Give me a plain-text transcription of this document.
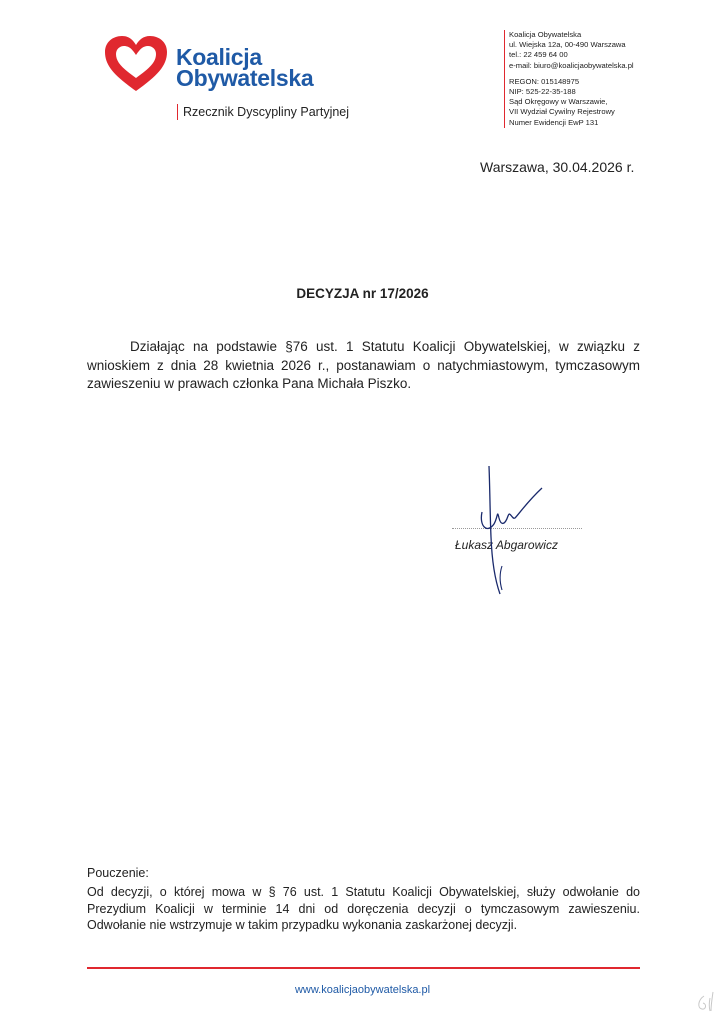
Koalicja
Obywatelska
Rzecznik Dyscypliny Partyjnej
Koalicja Obywatelska
ul. Wiejska 12a, 00-490 Warszawa
tel.: 22 459 64 00
e-mail: biuro@koalicjaobywatelska.pl
REGON: 015148975
NIP: 525-22-35-188
Sąd Okręgowy w Warszawie,
VII Wydział Cywilny Rejestrowy
Numer Ewidencji EwP 131
Warszawa, 30.04.2026 r.
DECYZJA nr 17/2026
Działając na podstawie §76 ust. 1 Statutu Koalicji Obywatelskiej, w związku z wnioskiem z dnia 28 kwietnia 2026 r., postanawiam o natychmiastowym, tymczasowym zawieszeniu w prawach członka Pana Michała Piszko.
Łukasz Abgarowicz
Pouczenie:
Od decyzji, o której mowa w § 76 ust. 1 Statutu Koalicji Obywatelskiej, służy odwołanie do Prezydium Koalicji w terminie 14 dni od doręczenia decyzji o tymczasowym zawieszeniu. Odwołanie nie wstrzymuje w takim przypadku wykonania zaskarżonej decyzji.
www.koalicjaobywatelska.pl
